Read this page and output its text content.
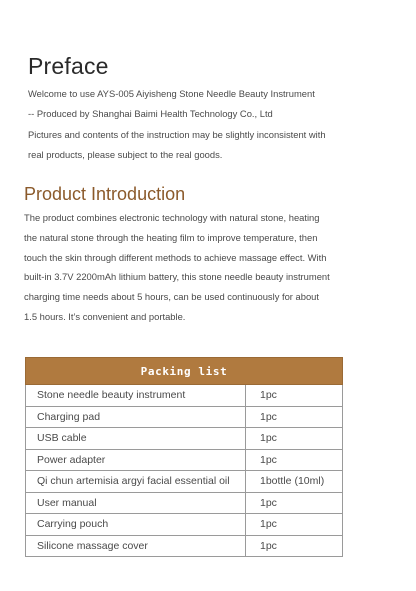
Preface
Welcome to use AYS-005 Aiyisheng Stone Needle Beauty Instrument
-- Produced by Shanghai Baimi Health Technology Co., Ltd
Pictures and contents of the instruction may be slightly inconsistent with
real products, please subject to the real goods.
Product Introduction
The product combines electronic technology with natural stone, heating
the natural stone through the heating film to improve temperature, then
touch the skin through different methods to achieve massage effect. With
built-in 3.7V 2200mAh lithium battery, this stone needle beauty instrument
charging time needs about 5 hours, can be used continuously for about
1.5 hours. It’s convenient and portable.
Packing list	
Stone needle beauty instrument	1pc
Charging pad	1pc
USB cable	1pc
Power adapter	1pc
Qi chun artemisia argyi facial essential oil	1bottle (10ml)
User manual	1pc
Carrying pouch	1pc
Silicone massage cover	1pc
